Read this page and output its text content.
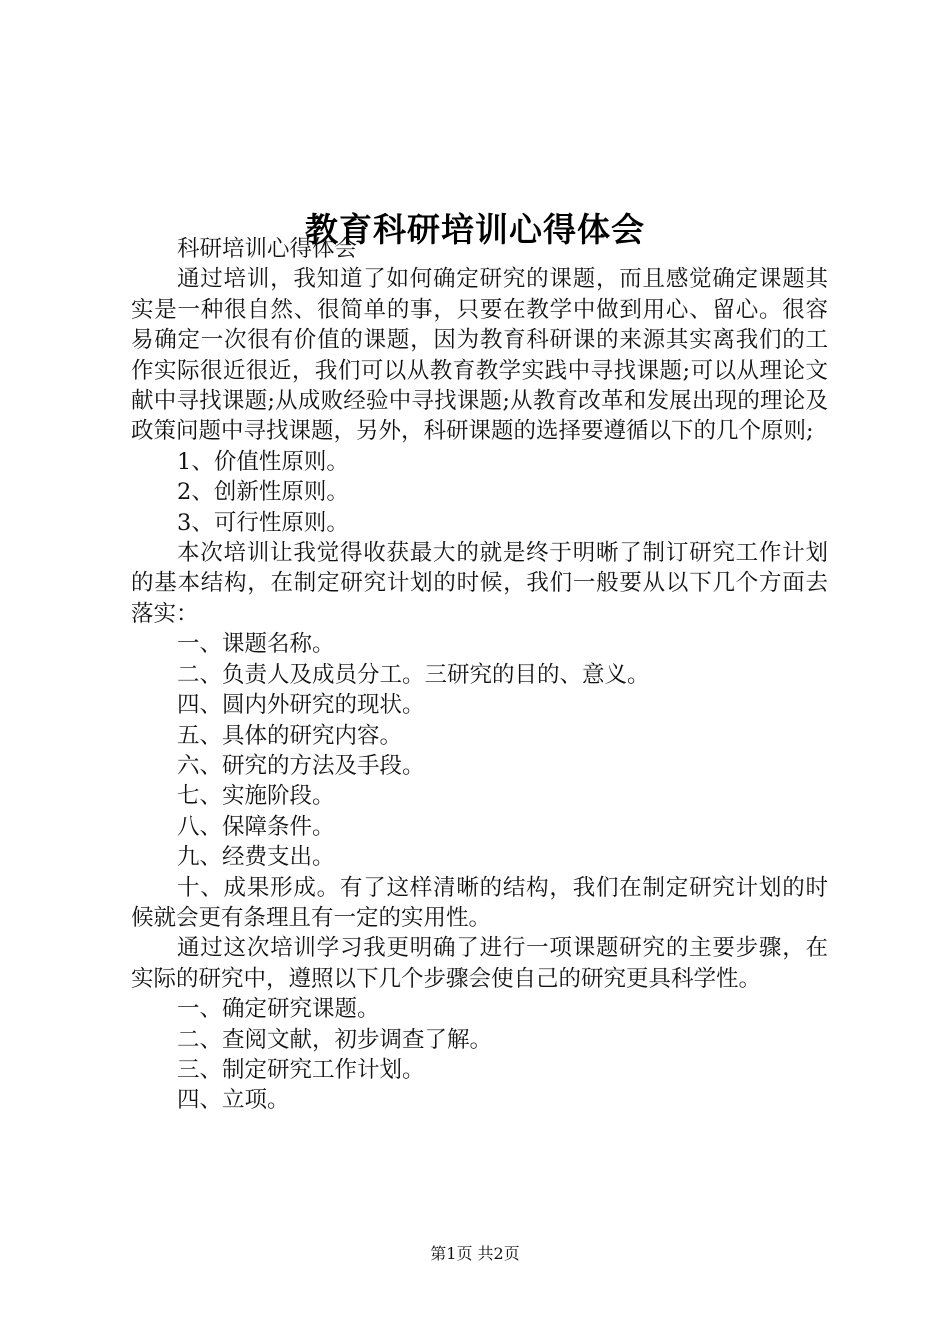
教育科研培训心得体会

科研培训心得体会

通过培训，我知道了如何确定研究的课题，而且感觉确定课题其实是一种很自然、很简单的事，只要在教学中做到用心、留心。很容易确定一次很有价值的课题，因为教育科研课的来源其实离我们的工作实际很近很近，我们可以从教育教学实践中寻找课题;可以从理论文献中寻找课题;从成败经验中寻找课题;从教育改革和发展出现的理论及政策问题中寻找课题，另外，科研课题的选择要遵循以下的几个原则;

1、价值性原则。

2、创新性原则。

3、可行性原则。

本次培训让我觉得收获最大的就是终于明晰了制订研究工作计划的基本结构，在制定研究计划的时候，我们一般要从以下几个方面去落实：

一、课题名称。

二、负责人及成员分工。三研究的目的、意义。

四、圆内外研究的现状。

五、具体的研究内容。

六、研究的方法及手段。

七、实施阶段。

八、保障条件。

九、经费支出。

十、成果形成。有了这样清晰的结构，我们在制定研究计划的时候就会更有条理且有一定的实用性。

通过这次培训学习我更明确了进行一项课题研究的主要步骤，在实际的研究中，遵照以下几个步骤会使自己的研究更具科学性。

一、确定研究课题。

二、查阅文献，初步调查了解。

三、制定研究工作计划。

四、立项。

第1页 共2页
